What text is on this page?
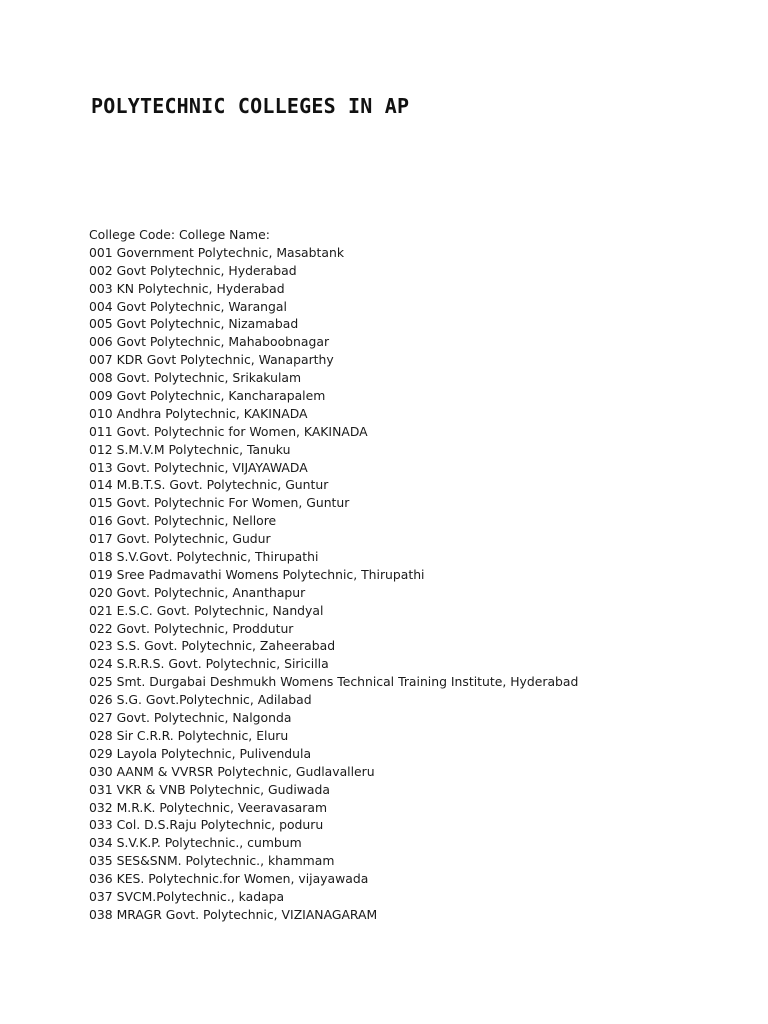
POLYTECHNIC COLLEGES IN AP
College Code: College Name:
001 Government Polytechnic, Masabtank
002 Govt Polytechnic, Hyderabad
003 KN Polytechnic, Hyderabad
004 Govt Polytechnic, Warangal
005 Govt Polytechnic, Nizamabad
006 Govt Polytechnic, Mahaboobnagar
007 KDR Govt Polytechnic, Wanaparthy
008 Govt. Polytechnic, Srikakulam
009 Govt Polytechnic, Kancharapalem
010 Andhra Polytechnic, KAKINADA
011 Govt. Polytechnic for Women, KAKINADA
012 S.M.V.M Polytechnic, Tanuku
013 Govt. Polytechnic, VIJAYAWADA
014 M.B.T.S. Govt. Polytechnic, Guntur
015 Govt. Polytechnic For Women, Guntur
016 Govt. Polytechnic, Nellore
017 Govt. Polytechnic, Gudur
018 S.V.Govt. Polytechnic, Thirupathi
019 Sree Padmavathi Womens Polytechnic, Thirupathi
020 Govt. Polytechnic, Ananthapur
021 E.S.C. Govt. Polytechnic, Nandyal
022 Govt. Polytechnic, Proddutur
023 S.S. Govt. Polytechnic, Zaheerabad
024 S.R.R.S. Govt. Polytechnic, Siricilla
025 Smt. Durgabai Deshmukh Womens Technical Training Institute, Hyderabad
026 S.G. Govt.Polytechnic, Adilabad
027 Govt. Polytechnic, Nalgonda
028 Sir C.R.R. Polytechnic, Eluru
029 Layola Polytechnic, Pulivendula
030 AANM & VVRSR Polytechnic, Gudlavalleru
031 VKR & VNB Polytechnic, Gudiwada
032 M.R.K. Polytechnic, Veeravasaram
033 Col. D.S.Raju Polytechnic, poduru
034 S.V.K.P. Polytechnic., cumbum
035 SES&SNM. Polytechnic., khammam
036 KES. Polytechnic.for Women, vijayawada
037 SVCM.Polytechnic., kadapa
038 MRAGR Govt. Polytechnic, VIZIANAGARAM
